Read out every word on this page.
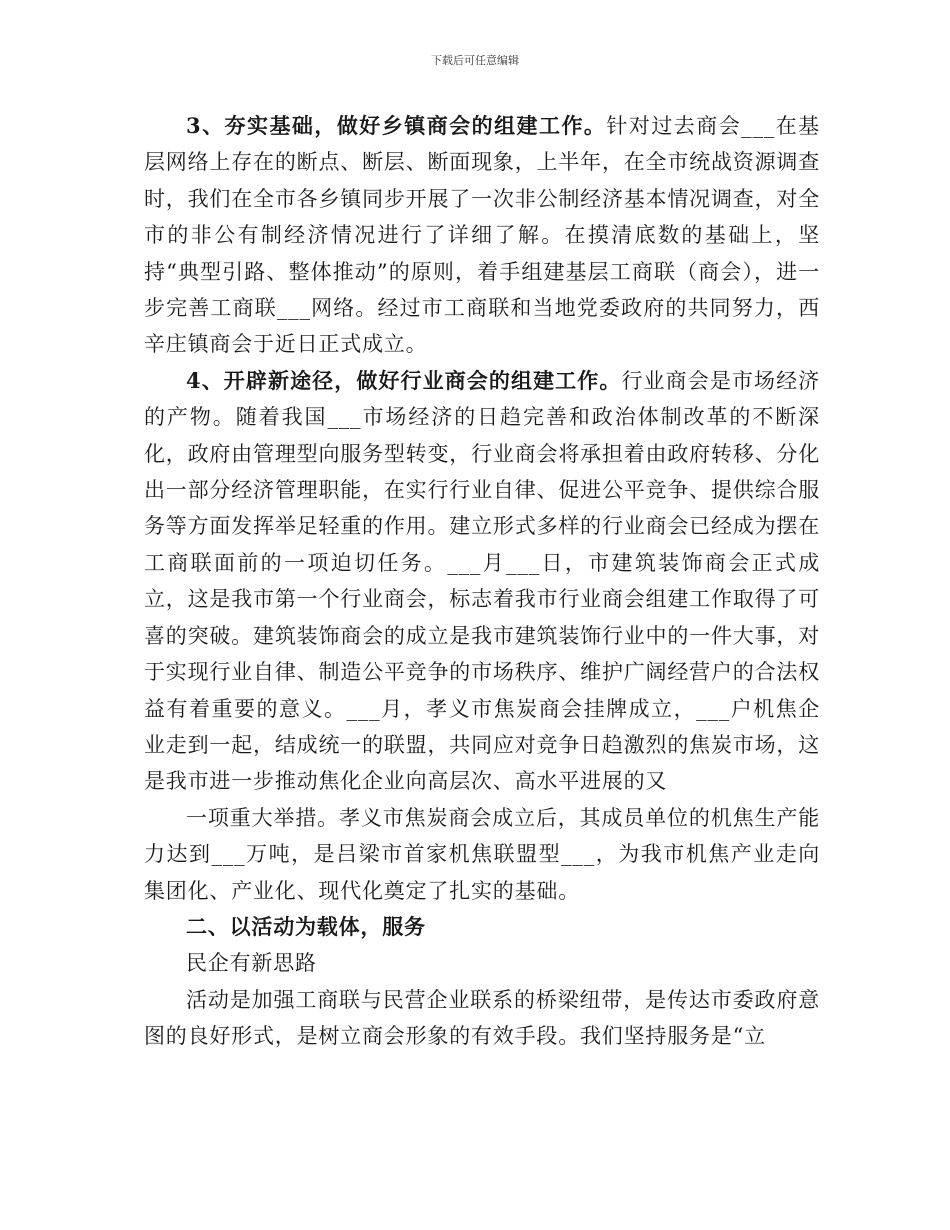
下载后可任意编辑

3、夯实基础，做好乡镇商会的组建工作。针对过去商会___在基层网络上存在的断点、断层、断面现象，上半年，在全市统战资源调查时，我们在全市各乡镇同步开展了一次非公制经济基本情况调查，对全市的非公有制经济情况进行了详细了解。在摸清底数的基础上，坚持“典型引路、整体推动”的原则，着手组建基层工商联（商会），进一步完善工商联___网络。经过市工商联和当地党委政府的共同努力，西辛庄镇商会于近日正式成立。

4、开辟新途径，做好行业商会的组建工作。行业商会是市场经济的产物。随着我国___市场经济的日趋完善和政治体制改革的不断深化，政府由管理型向服务型转变，行业商会将承担着由政府转移、分化出一部分经济管理职能，在实行行业自律、促进公平竞争、提供综合服务等方面发挥举足轻重的作用。建立形式多样的行业商会已经成为摆在工商联面前的一项迫切任务。___月___日，市建筑装饰商会正式成立，这是我市第一个行业商会，标志着我市行业商会组建工作取得了可喜的突破。建筑装饰商会的成立是我市建筑装饰行业中的一件大事，对于实现行业自律、制造公平竞争的市场秩序、维护广阔经营户的合法权益有着重要的意义。___月，孝义市焦炭商会挂牌成立，___户机焦企业走到一起，结成统一的联盟，共同应对竞争日趋激烈的焦炭市场，这是我市进一步推动焦化企业向高层次、高水平进展的又

一项重大举措。孝义市焦炭商会成立后，其成员单位的机焦生产能力达到___万吨，是吕梁市首家机焦联盟型___，为我市机焦产业走向集团化、产业化、现代化奠定了扎实的基础。

二、以活动为载体，服务

民企有新思路

活动是加强工商联与民营企业联系的桥梁纽带，是传达市委政府意图的良好形式，是树立商会形象的有效手段。我们坚持服务是“立
